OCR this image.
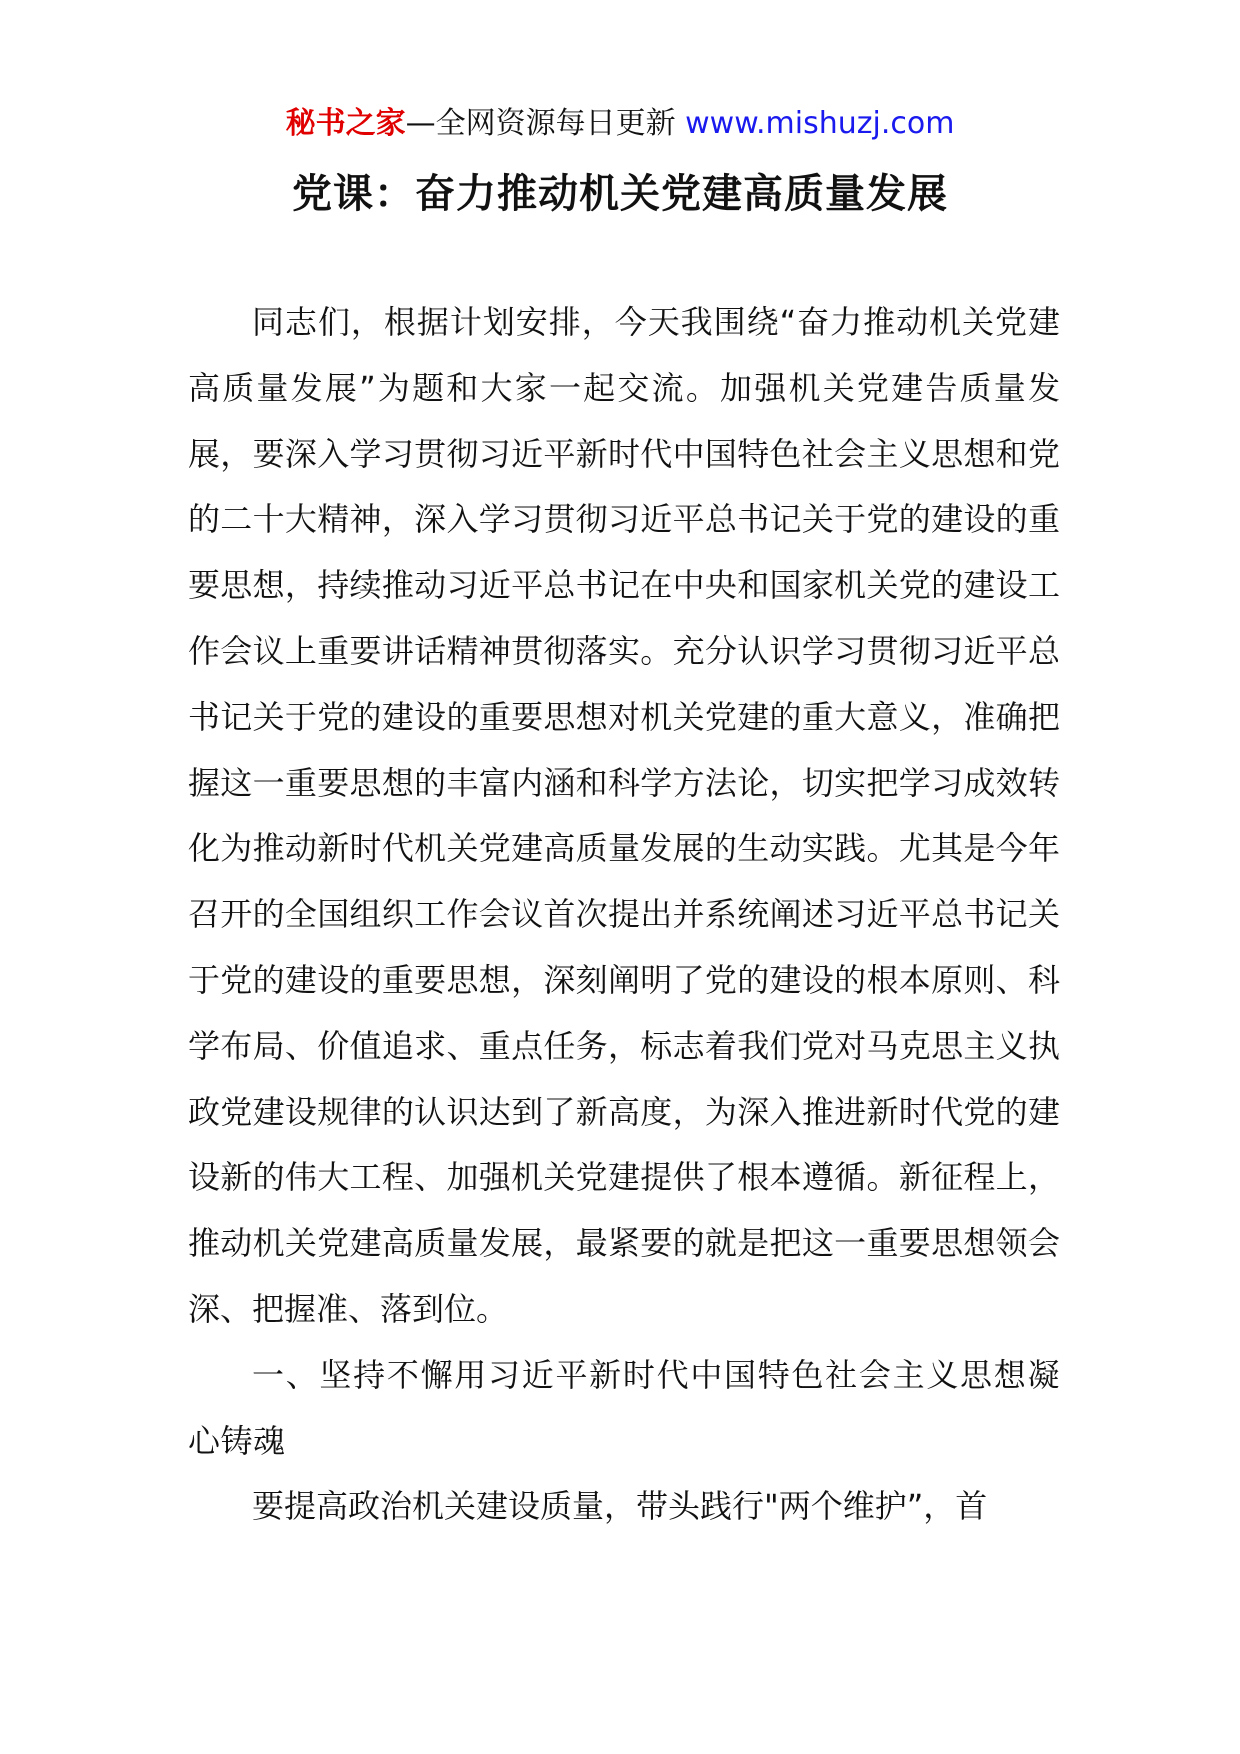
秘书之家—全网资源每日更新 www.mishuzj.com
党课：奋力推动机关党建高质量发展

同志们，根据计划安排，今天我围绕“奋力推动机关党建高质量发展”为题和大家一起交流。加强机关党建告质量发展，要深入学习贯彻习近平新时代中国特色社会主义思想和党的二十大精神，深入学习贯彻习近平总书记关于党的建设的重要思想，持续推动习近平总书记在中央和国家机关党的建设工作会议上重要讲话精神贯彻落实。充分认识学习贯彻习近平总书记关于党的建设的重要思想对机关党建的重大意义，准确把握这一重要思想的丰富内涵和科学方法论，切实把学习成效转化为推动新时代机关党建高质量发展的生动实践。尤其是今年召开的全国组织工作会议首次提出并系统阐述习近平总书记关于党的建设的重要思想，深刻阐明了党的建设的根本原则、科学布局、价值追求、重点任务，标志着我们党对马克思主义执政党建设规律的认识达到了新高度，为深入推进新时代党的建设新的伟大工程、加强机关党建提供了根本遵循。新征程上，推动机关党建高质量发展，最紧要的就是把这一重要思想领会深、把握准、落到位。

一、坚持不懈用习近平新时代中国特色社会主义思想凝心铸魂

要提高政治机关建设质量，带头践行"两个维护”，首
